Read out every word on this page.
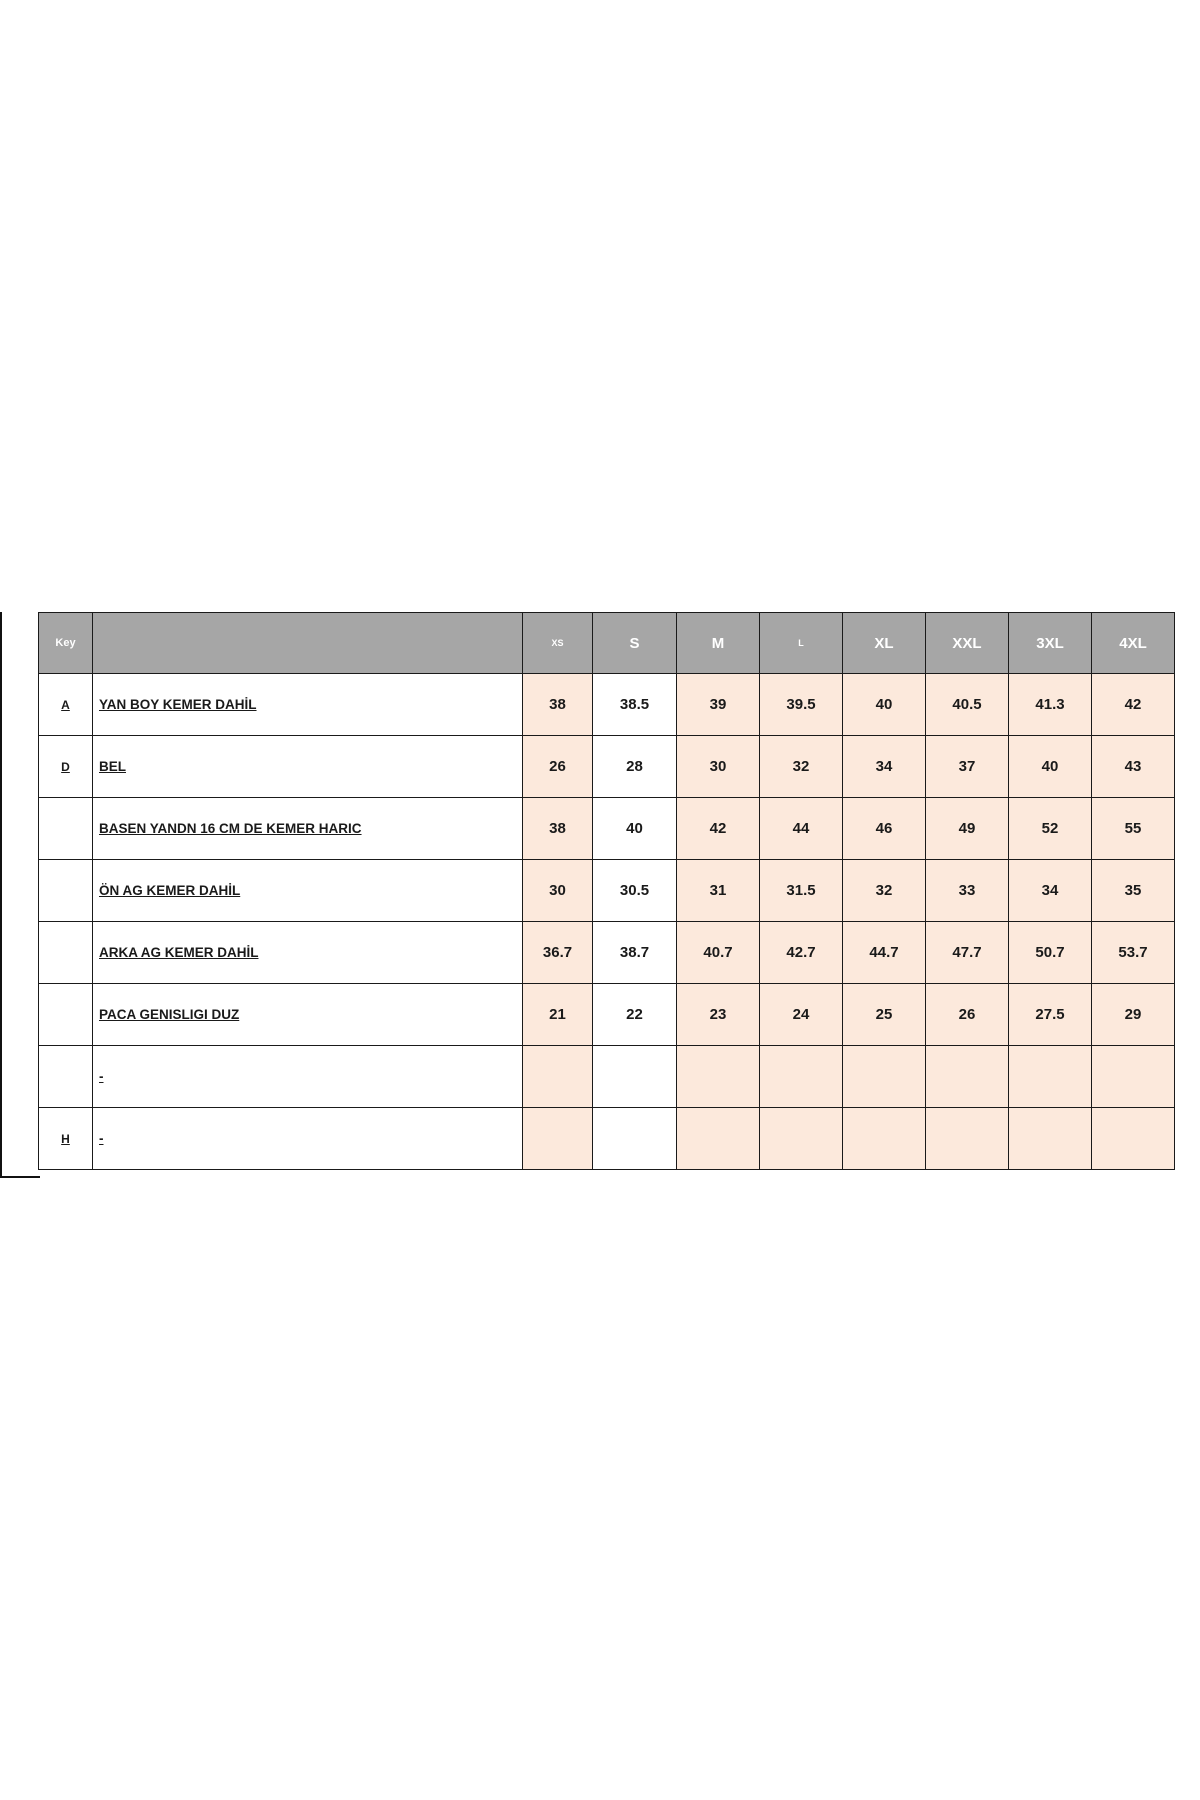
Key		XS	S	M	L	XL	XXL	3XL	4XL
A	YAN BOY KEMER DAHİL	38	38.5	39	39.5	40	40.5	41.3	42
D	BEL	26	28	30	32	34	37	40	43
	BASEN YANDN 16 CM DE KEMER HARIC	38	40	42	44	46	49	52	55
	ÖN AG KEMER DAHİL	30	30.5	31	31.5	32	33	34	35
	ARKA AG KEMER DAHİL	36.7	38.7	40.7	42.7	44.7	47.7	50.7	53.7
	PACA GENISLIGI DUZ	21	22	23	24	25	26	27.5	29
	-								
H	-								
